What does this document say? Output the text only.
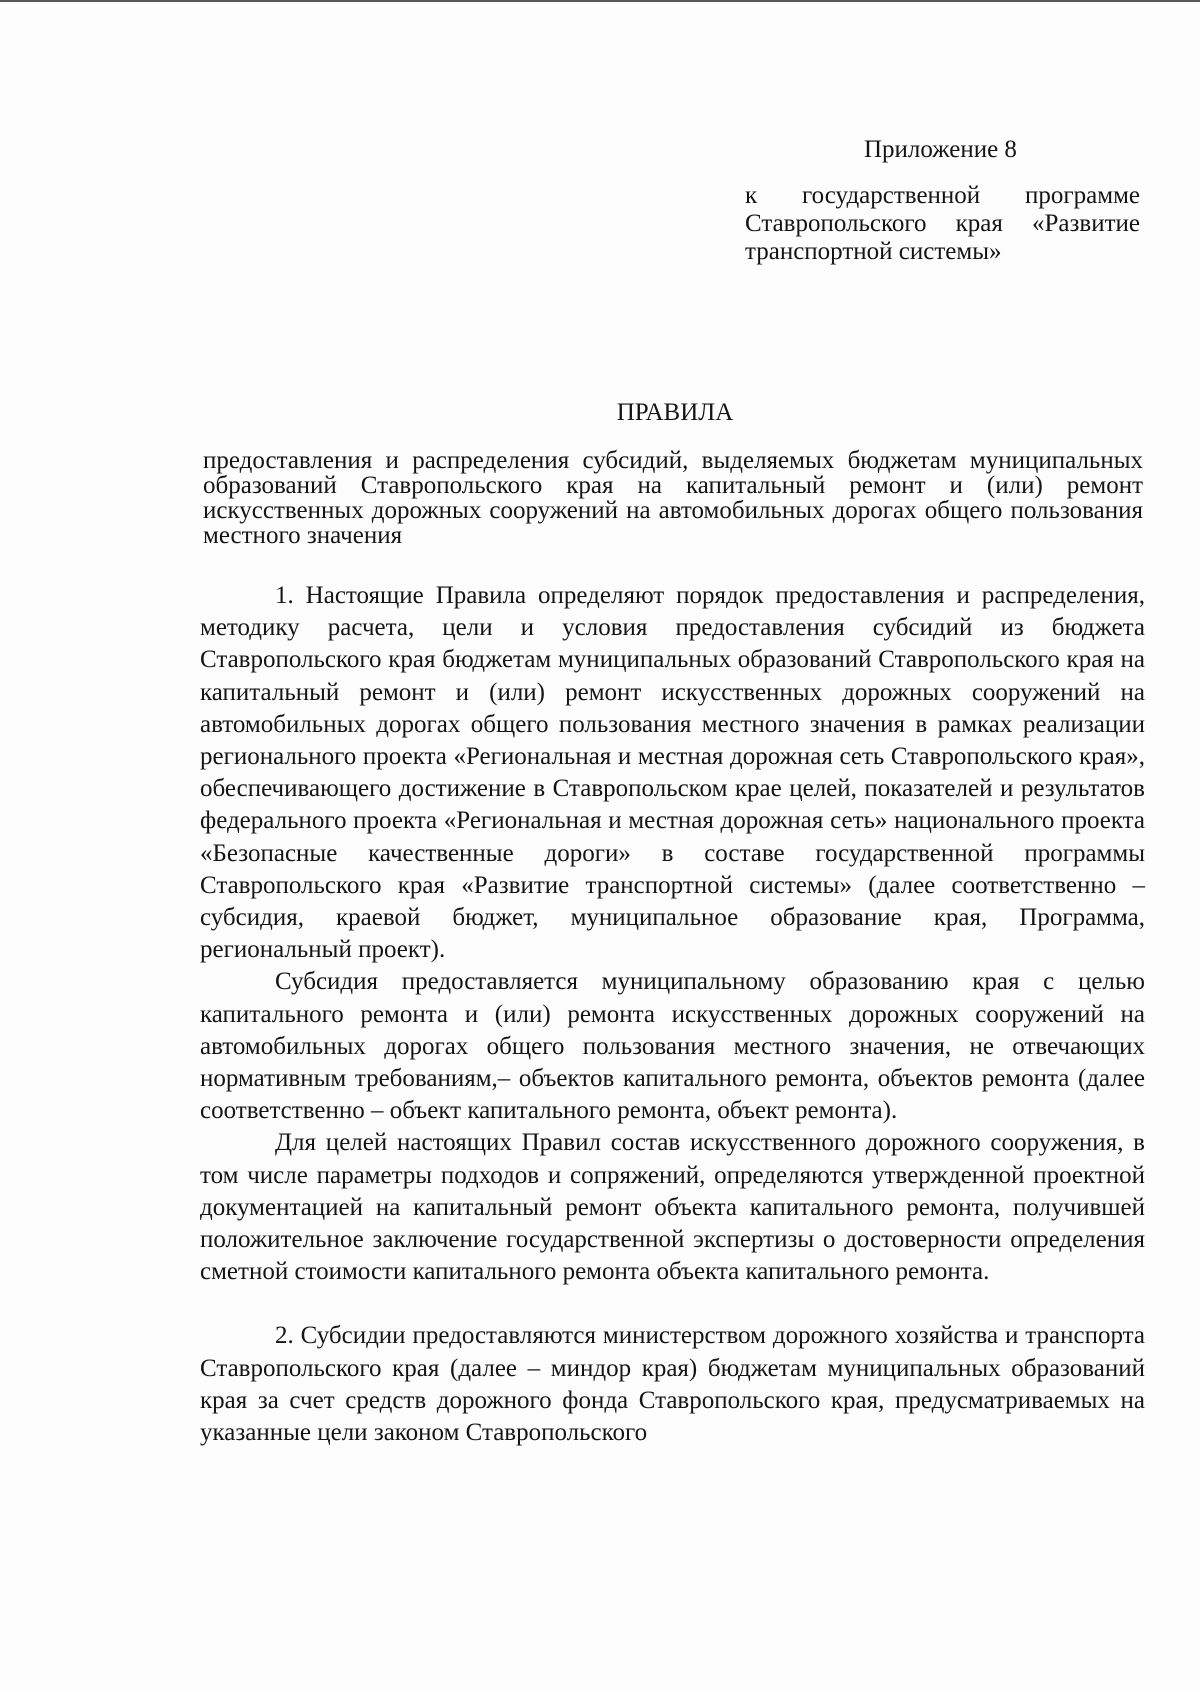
Приложение 8
к государственной программе Ставропольского края «Развитие транспортной системы»
ПРАВИЛА
предоставления и распределения субсидий, выделяемых бюджетам муниципальных образований Ставропольского края на капитальный ремонт и (или) ремонт искусственных дорожных сооружений на автомобильных дорогах общего пользования местного значения

1. Настоящие Правила определяют порядок предоставления и распределения, методику расчета, цели и условия предоставления субсидий из бюджета Ставропольского края бюджетам муниципальных образований Ставропольского края на капитальный ремонт и (или) ремонт искусственных дорожных сооружений на автомобильных дорогах общего пользования местного значения в рамках реализации регионального проекта «Региональная и местная дорожная сеть Ставропольского края», обеспечивающего достижение в Ставропольском крае целей, показателей и результатов федерального проекта «Региональная и местная дорожная сеть» национального проекта «Безопасные качественные дороги» в составе государственной программы Ставропольского края «Развитие транспортной системы» (далее соответственно – субсидия, краевой бюджет, муниципальное образование края, Программа, региональный проект).

Субсидия предоставляется муниципальному образованию края с целью капитального ремонта и (или) ремонта искусственных дорожных сооружений на автомобильных дорогах общего пользования местного значения, не отвечающих нормативным требованиям,– объектов капитального ремонта, объектов ремонта (далее соответственно – объект капитального ремонта, объект ремонта).

Для целей настоящих Правил состав искусственного дорожного сооружения, в том числе параметры подходов и сопряжений, определяются утвержденной проектной документацией на капитальный ремонт объекта капитального ремонта, получившей положительное заключение государственной экспертизы о достоверности определения сметной стоимости капитального ремонта объекта капитального ремонта.

2. Субсидии предоставляются министерством дорожного хозяйства и транспорта Ставропольского края (далее – миндор края) бюджетам муниципальных образований края за счет средств дорожного фонда Ставропольского края, предусматриваемых на указанные цели законом Ставропольского
